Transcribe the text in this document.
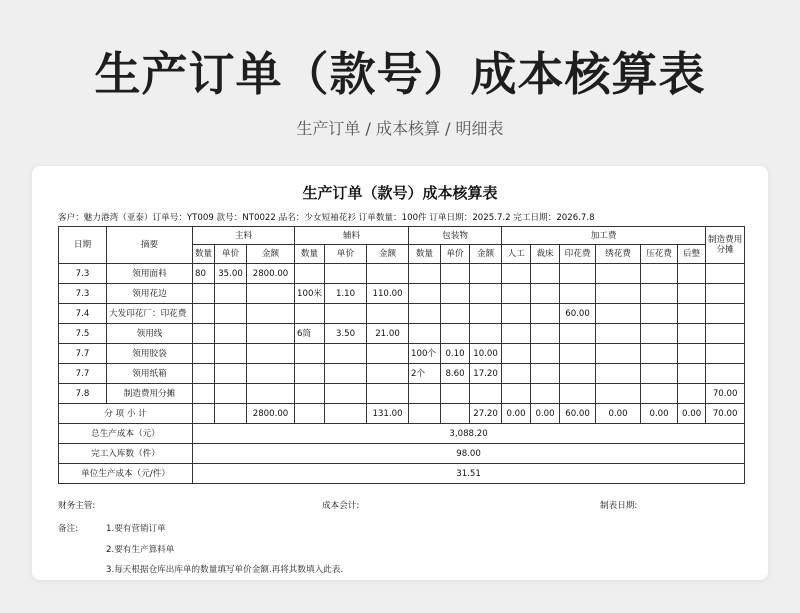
生产订单（款号）成本核算表
生产订单 / 成本核算 / 明细表
生产订单（款号）成本核算表
客户：魅力港湾（亚泰）订单号：YT009 款号：NT0022 品名：少女短袖花衫 订单数量：100件 订单日期：2025.7.2 完工日期：2026.7.8
日期	摘要	主料			辅料			包装物			加工费						制造费用分摊
		数量	单价	金额	数量	单价	金额	数量	单价	金额	人工	裁床	印花费	绣花费	压花费	后整	
7.3	领用面料	80	35.00	2800.00													
7.3	领用花边				100米	1.10	110.00										
7.4	大发印花厂：印花费												60.00				
7.5	领用线				6筒	3.50	21.00										
7.7	领用胶袋							100个	0.10	10.00							
7.7	领用纸箱							2个	8.60	17.20							
7.8	制造费用分摊																70.00
分 项 小 计				2800.00			131.00			27.20	0.00	0.00	60.00	0.00	0.00	0.00	70.00
总生产成本（元）		3,088.20															
完工入库数（件）		98.00															
单位生产成本（元/件）		31.51															
财务主管:	成本会计:	制表日期:
备注:	1.要有营销订单
2.要有生产算料单
3.每天根据仓库出库单的数量填写单价金额.再将其数填入此表.
